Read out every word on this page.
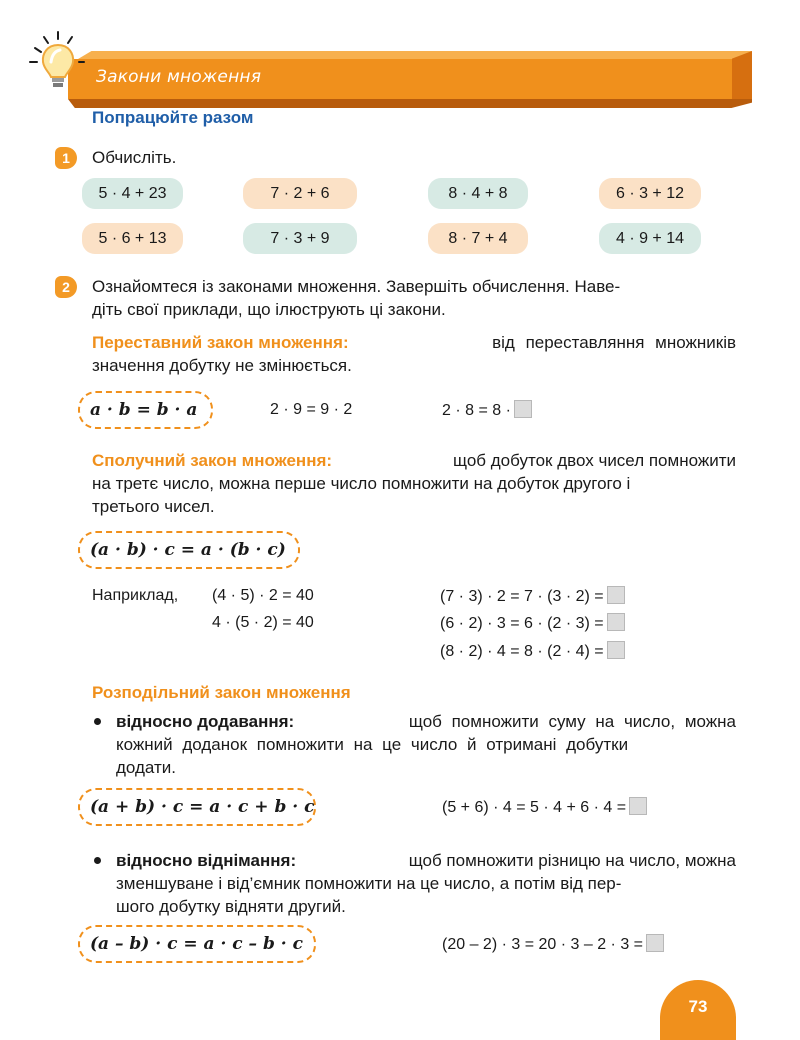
Закони множення
Попрацюйте разом
1	Обчисліть.
5 · 4 + 23	7 · 2 + 6	8 · 4 + 8	6 · 3 + 12
5 · 6 + 13	7 · 3 + 9	8 · 7 + 4	4 · 9 + 14
2	Ознайомтеся із законами множення. Завершіть обчислення. Наве-
діть свої приклади, що ілюструють ці закони.
Переставний закон множення:	від переставляння множників
значення добутку не змінюється.
a · b = b · a	2 · 9 = 9 · 2	2 · 8 = 8 ·
Сполучний закон множення:	щоб добуток двох чисел помножити
на третє число, можна перше число помножити на добуток другого і
третього чисел.
(a · b) · c = a · (b · c)
Наприклад, (4 · 5) · 2 = 40
4 · (5 · 2) = 40
(7 · 3) · 2 = 7 · (3 · 2) =
(6 · 2) · 3 = 6 · (2 · 3) =
(8 · 2) · 4 = 8 · (2 · 4) =
Розподільний закон множення
відносно додавання:	щоб помножити суму на число, можна
кожний доданок помножити на це число й отримані добутки
додати.
(a + b) · c = a · c + b · c	(5 + 6) · 4 = 5 · 4 + 6 · 4 =
відносно віднімання:	щоб помножити різницю на число, можна
зменшуване і від’ємник помножити на це число, а потім від пер-
шого добутку відняти другий.
(a – b) · c = a · c – b · c	(20 – 2) · 3 = 20 · 3 – 2 · 3 =
73
